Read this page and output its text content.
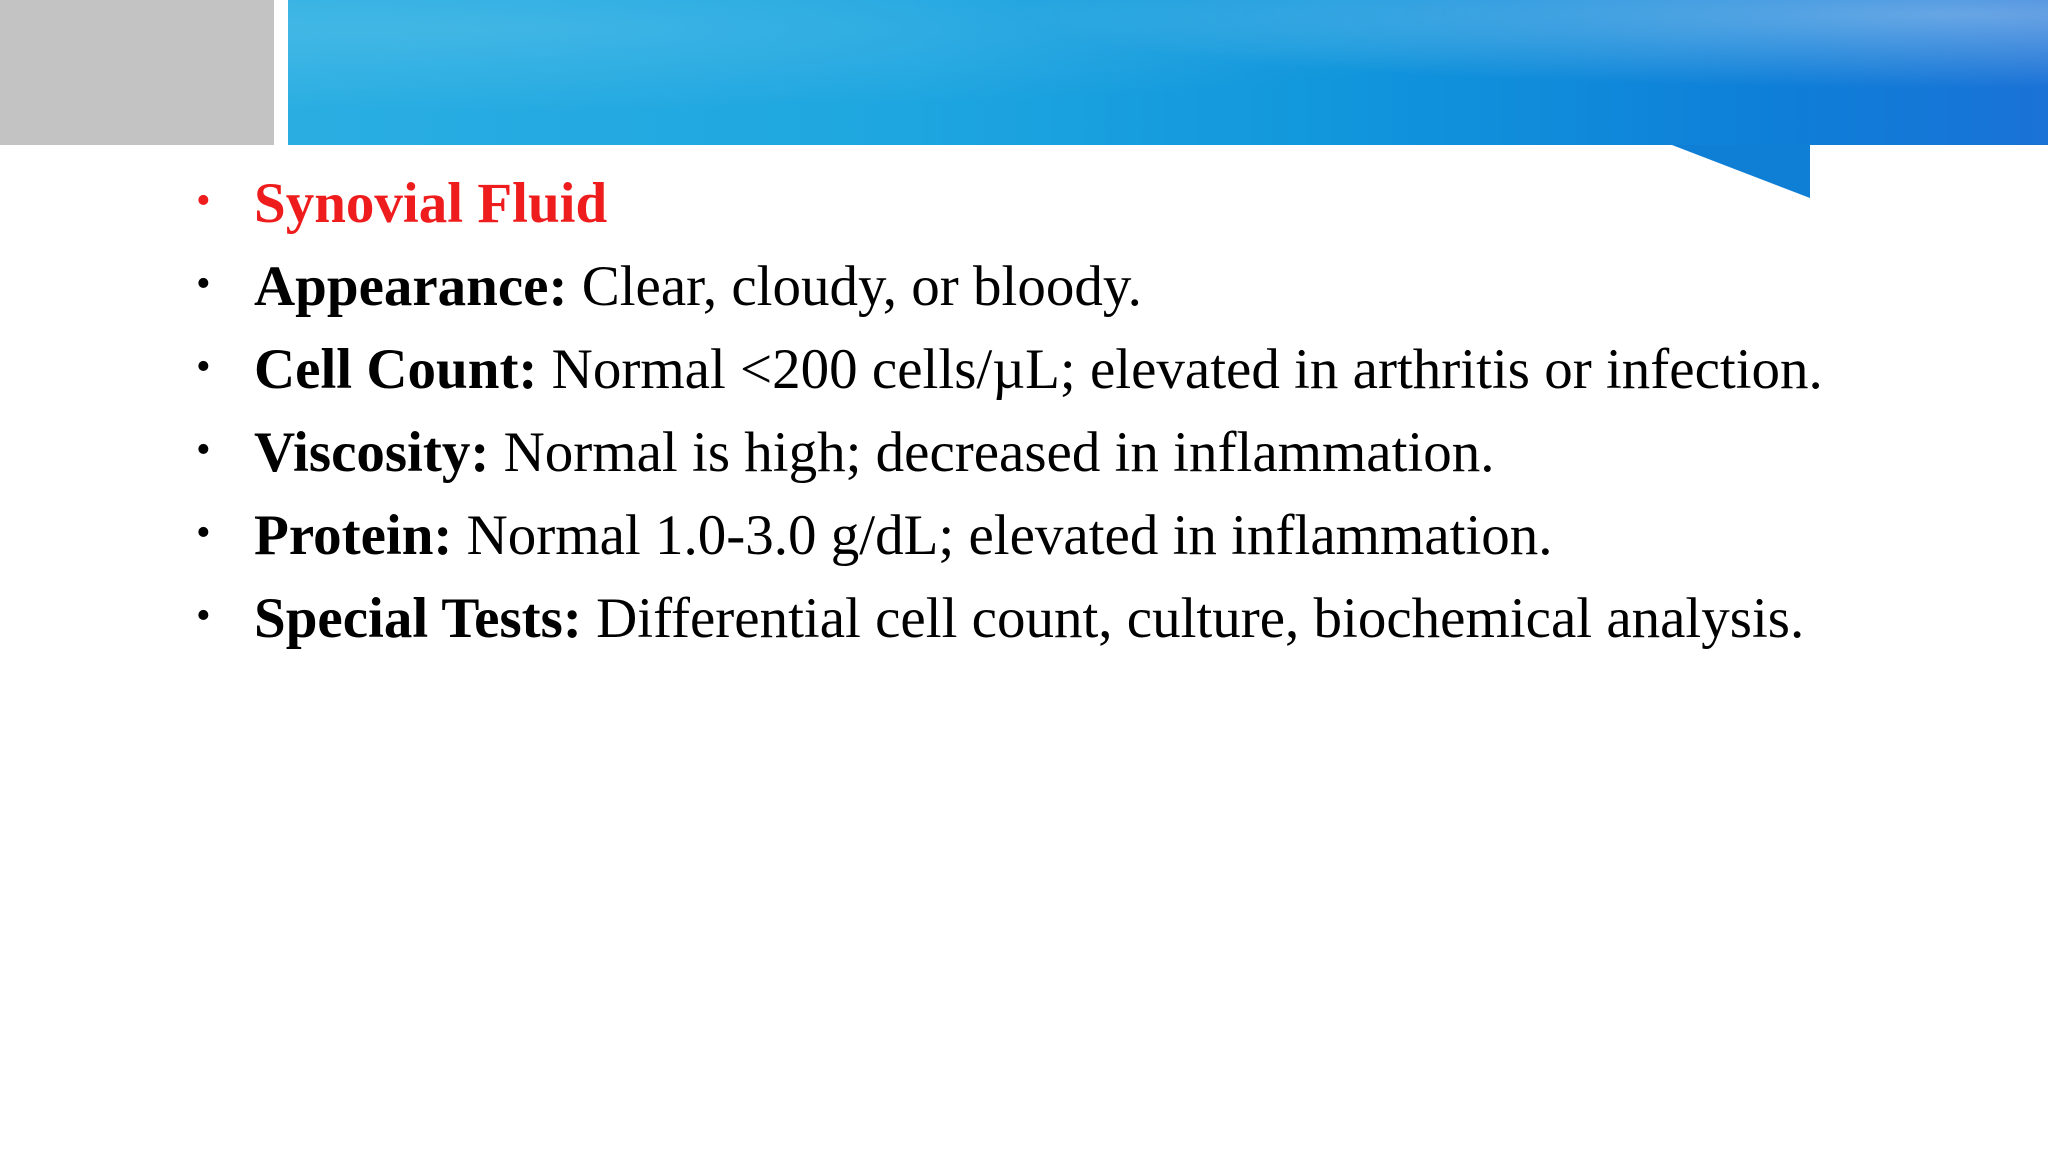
• Synovial Fluid
• Appearance: Clear, cloudy, or bloody.
• Cell Count: Normal <200 cells/µL; elevated in arthritis or infection.
• Viscosity: Normal is high; decreased in inflammation.
• Protein: Normal 1.0-3.0 g/dL; elevated in inflammation.
• Special Tests: Differential cell count, culture, biochemical analysis.
